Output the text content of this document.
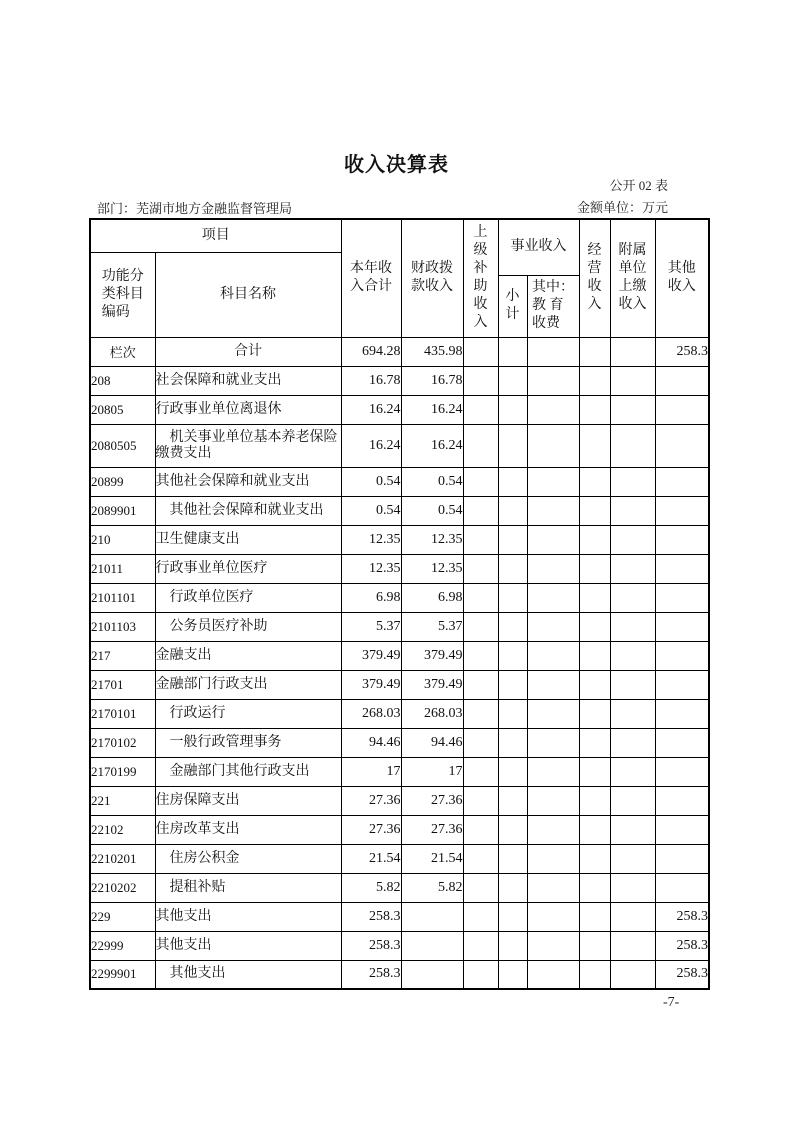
收入决算表
公开 02 表
部门：芜湖市地方金融监督管理局	金额单位：万元
项目		本年收入合计	财政拨款收入	上级补助收入	事业收入		经营收入	附属单位上缴收入	其他收入
功能分类科目编码	科目名称								
					小计	其中：
教 育
收费			
栏次	合计	694.28	435.98						258.3
208	社会保障和就业支出	16.78	16.78						
20805	行政事业单位离退休	16.24	16.24						
2080505	机关事业单位基本养老保险缴费支出	16.24	16.24						
20899	其他社会保障和就业支出	0.54	0.54						
2089901	其他社会保障和就业支出	0.54	0.54						
210	卫生健康支出	12.35	12.35						
21011	行政事业单位医疗	12.35	12.35						
2101101	行政单位医疗	6.98	6.98						
2101103	公务员医疗补助	5.37	5.37						
217	金融支出	379.49	379.49						
21701	金融部门行政支出	379.49	379.49						
2170101	行政运行	268.03	268.03						
2170102	一般行政管理事务	94.46	94.46						
2170199	金融部门其他行政支出	17	17						
221	住房保障支出	27.36	27.36						
22102	住房改革支出	27.36	27.36						
2210201	住房公积金	21.54	21.54						
2210202	提租补贴	5.82	5.82						
229	其他支出	258.3							258.3
22999	其他支出	258.3							258.3
2299901	其他支出	258.3							258.3
-7-
